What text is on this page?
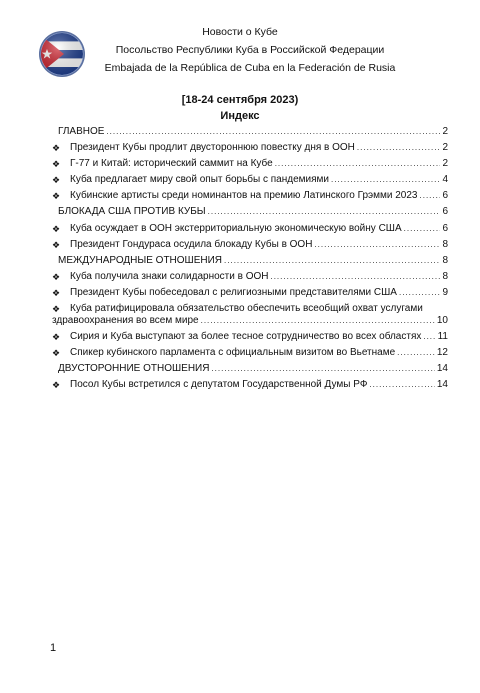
Новости о Кубе
Посольство Республики Куба в Российской Федерации
Embajada de la República de Cuba en la Federación de Rusia
[18-24 сентября 2023)
Индекс
ГЛАВНОЕ .....	2
❖ Президент Кубы продлит двустороннюю повестку дня в ООН .....	2
❖ Г-77 и Китай: исторический саммит на Кубе .....	2
❖ Куба предлагает миру свой опыт борьбы с пандемиями .....	4
❖ Кубинские артисты среди номинантов на премию Латинского Грэмми 2023 ..... 6
БЛОКАДА США ПРОТИВ КУБЫ .....	6
❖ Куба осуждает в ООН экстерриториальную экономическую войну США .....	6
❖ Президент Гондураса осудила блокаду Кубы в ООН .....	8
МЕЖДУНАРОДНЫЕ ОТНОШЕНИЯ .....	8
❖ Куба получила знаки солидарности в ООН .....	8
❖ Президент Кубы побеседовал с религиозными представителями США .....	9
❖ Куба ратифицировала обязательство обеспечить всеобщий охват услугами
здравоохранения во всем мире .....	10
❖ Сирия и Куба выступают за более тесное сотрудничество во всех областях ..... 11
❖ Спикер кубинского парламента с официальным визитом во Вьетнаме .....	12
ДВУСТОРОННИЕ ОТНОШЕНИЯ .....	14
❖ Посол Кубы встретился с депутатом Государственной Думы РФ .....	14
1
